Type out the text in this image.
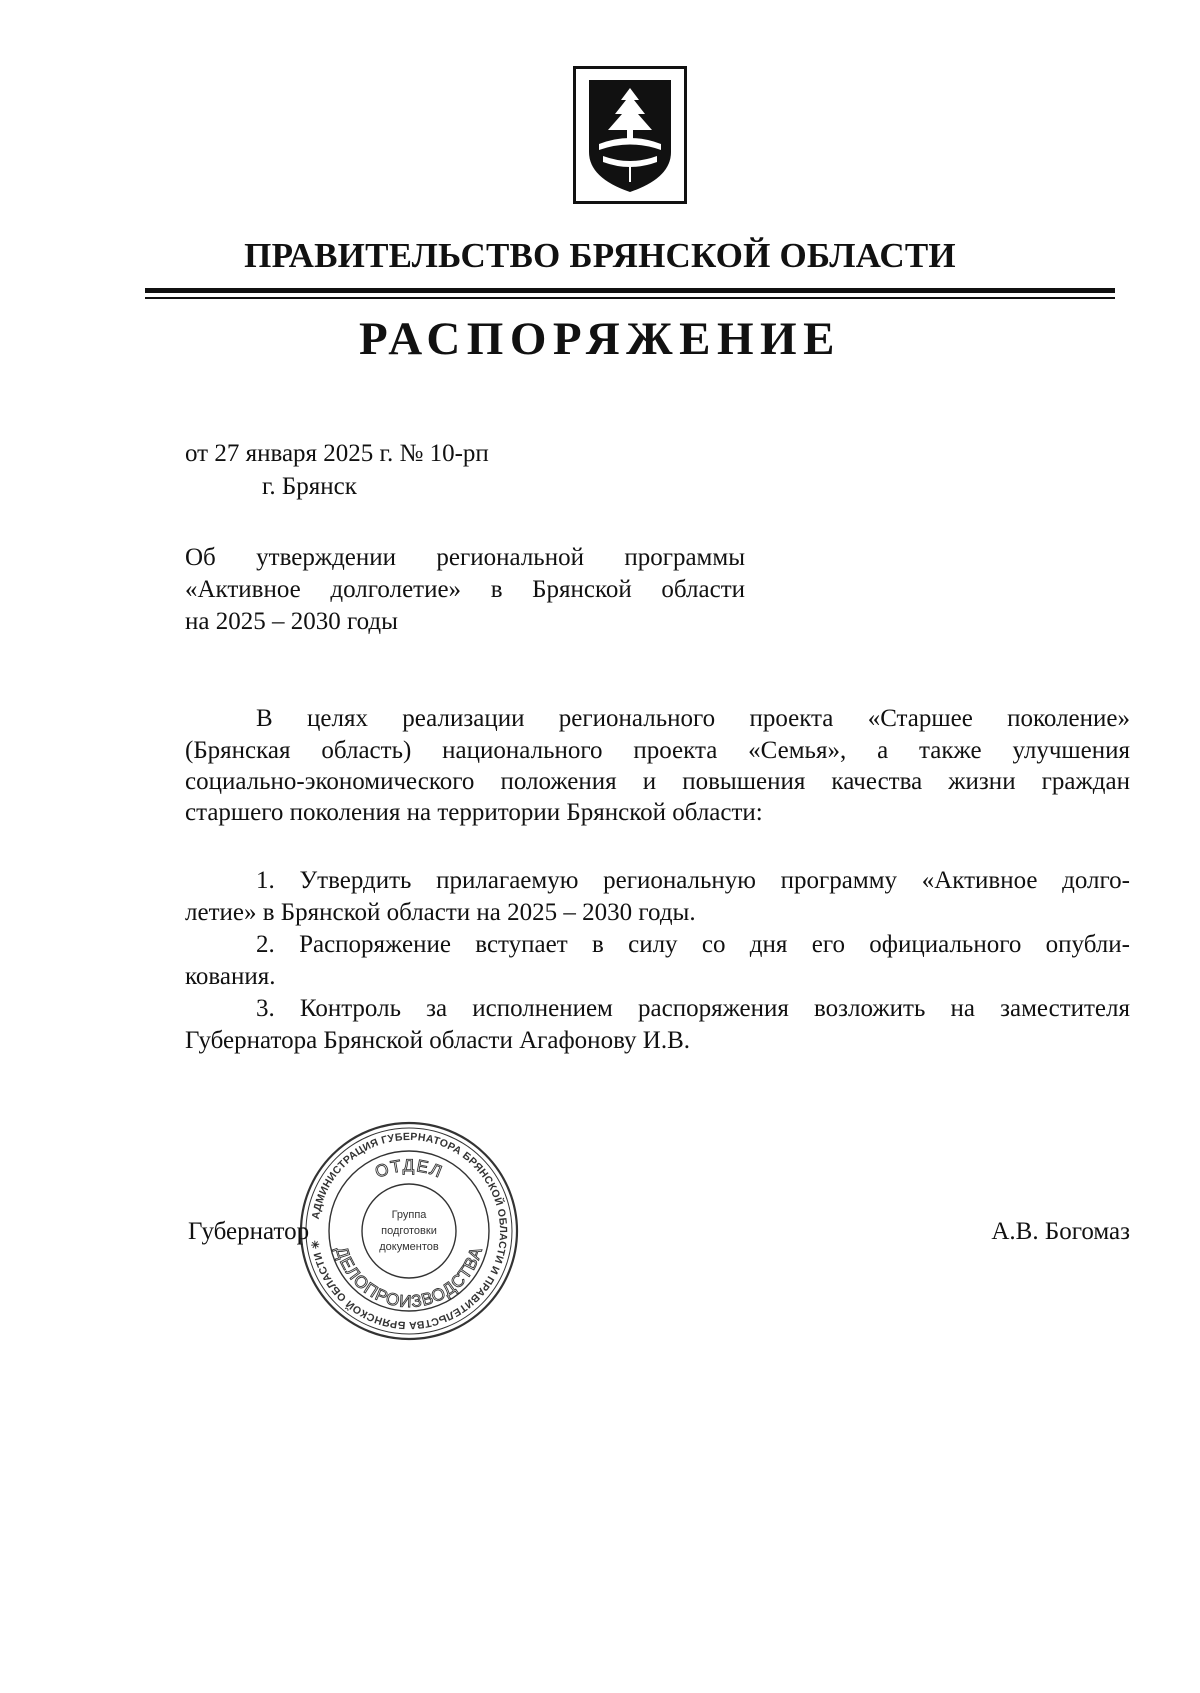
ПРАВИТЕЛЬСТВО БРЯНСКОЙ ОБЛАСТИ
РАСПОРЯЖЕНИЕ
от 27 января 2025 г. № 10-рп
г. Брянск
Об утверждении региональной программы
«Активное долголетие» в Брянской области
на 2025 – 2030 годы
В целях реализации регионального проекта «Старшее поколение»
(Брянская область) национального проекта «Семья», а также улучшения
социально-экономического положения и повышения качества жизни граждан
старшего поколения на территории Брянской области:
1. Утвердить прилагаемую региональную программу «Активное долго-
летие» в Брянской области на 2025 – 2030 годы.
2. Распоряжение вступает в силу со дня его официального опубли-
кования.
3. Контроль за исполнением распоряжения возложить на заместителя
Губернатора Брянской области Агафонову И.В.
АДМИНИСТРАЦИЯ ГУБЕРНАТОРА БРЯНСКОЙ ОБЛАСТИ И ПРАВИТЕЛЬСТВА БРЯНСКОЙ ОБЛАСТИ ✳
ОТДЕЛ
ДЕЛОПРОИЗВОДСТВА
Группа
подготовки
документов
Губернатор	А.В. Богомаз
